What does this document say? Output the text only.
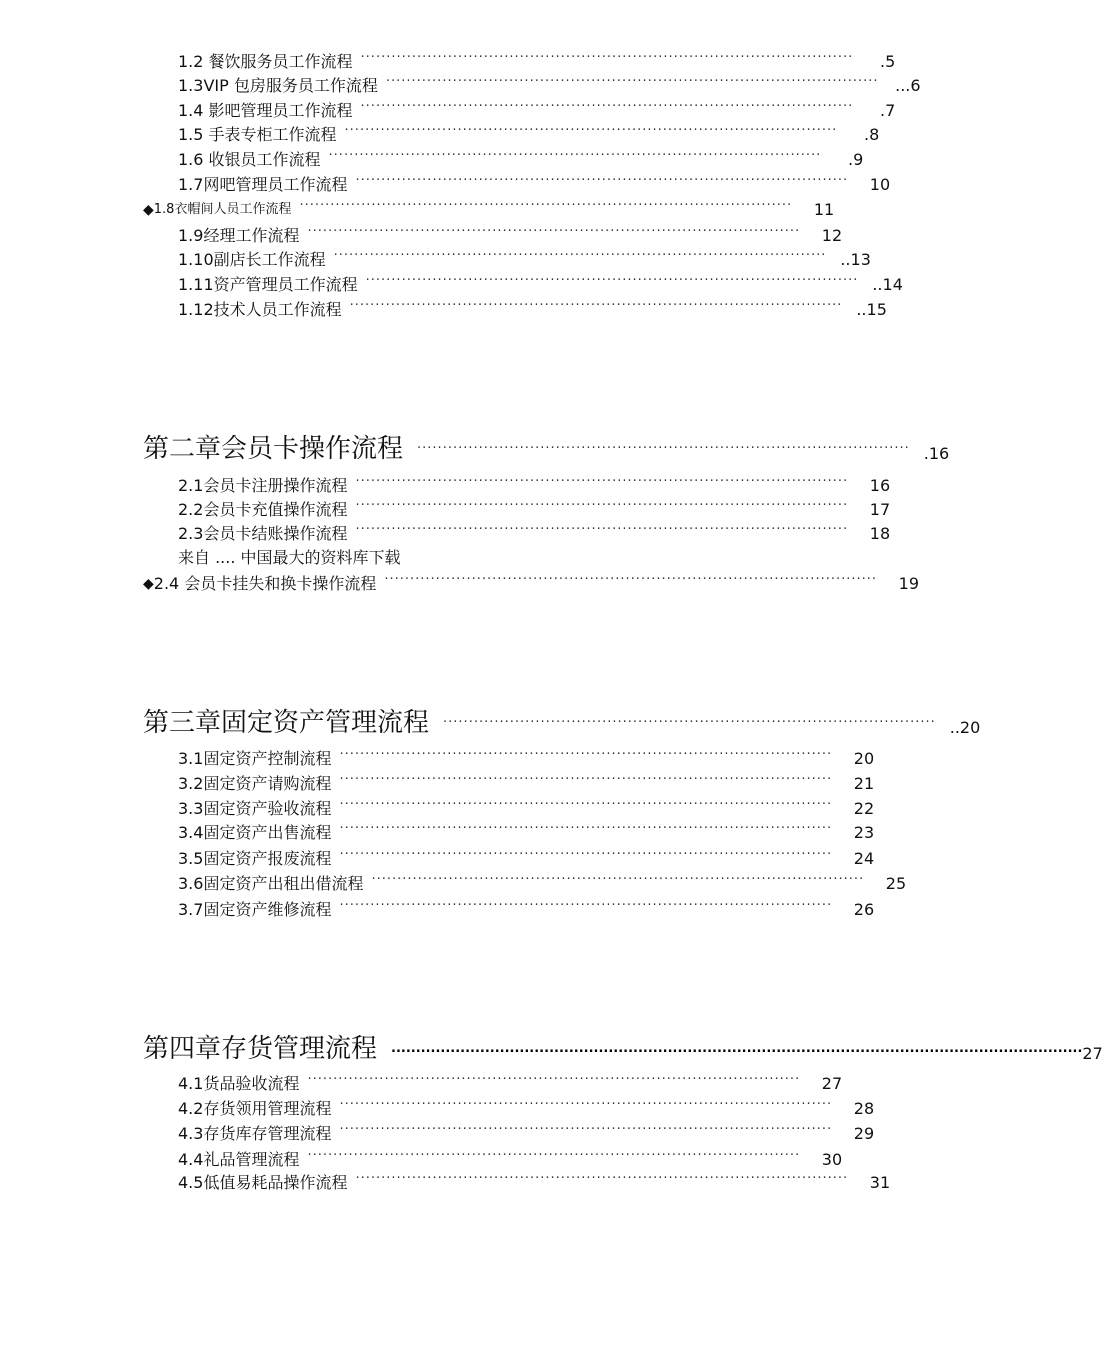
1.2 餐饮服务员工作流程 ································································································	.5
1.3VIP 包房服务员工作流程 ································································································	...6
1.4 影吧管理员工作流程 ································································································	.7
1.5 手表专柜工作流程 ································································································	.8
1.6 收银员工作流程 ································································································	.9
1.7网吧管理员工作流程 ································································································	10
◆ 1.8 衣帽间人员工作流程 ································································································	11
1.9经理工作流程 ································································································	12
1.10副店长工作流程 ································································································ ..13
1.11资产管理员工作流程 ································································································ ..14
1.12技术人员工作流程 ································································································ ..15
第二章 会员卡操作流程	································································································ .16
2.1会员卡注册操作流程 ································································································	16
2.2会员卡充值操作流程 ································································································	17
2.3会员卡结账操作流程 ································································································	18
来自 .... 中国最大的资料库下载
◆ 2.4 会员卡挂失和换卡操作流程 ································································································	19
第三章 固定资产管理流程	································································································ ..20
3.1固定资产控制流程 ································································································	20
3.2固定资产请购流程 ································································································	21
3.3固定资产验收流程 ································································································	22
3.4固定资产出售流程 ································································································	23
3.5固定资产报废流程 ································································································	24
3.6固定资产出租出借流程 ································································································	25
3.7固定资产维修流程 ································································································	26
第四章 存货管理流程	............................................................................................................................................ 27
4.1货品验收流程 ································································································	27
4.2存货领用管理流程 ································································································	28
4.3存货库存管理流程 ································································································	29
4.4礼品管理流程 ································································································	30
4.5低值易耗品操作流程 ································································································	31
